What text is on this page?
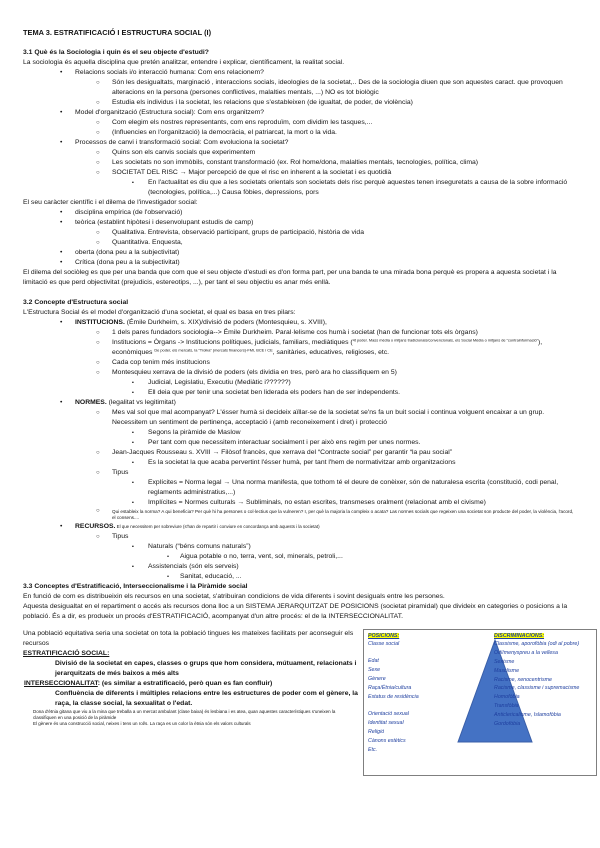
TEMA 3. ESTRATIFICACIÓ I ESTRUCTURA SOCIAL (I)
3.1 Què és la Sociologia i quin és el seu objecte d'estudi?
La sociologia és aquella disciplina que pretén analitzar, entendre i explicar, científicament, la realitat social.
• Relacions socials i/o interacció humana: Com ens relacionem?
○ Són les desigualtats, marginació , interaccions socials, ideologies de la societat,.. Des de la sociologia diuen que son aquestes caract. que provoquen alteracions en la persona (persones conflictives, malalties mentals, ...) NO es tot biològic
○ Estudia els individus i la societat, les relacions que s'estableixen (de igualtat, de poder, de violència)
• Model d'organització (Estructura social): Com ens organitzem?
○ Com elegim els nostres representants, com ens reproduïm, com dividim les tasques,...
○ (Influencies en l'organització) la democràcia, el patriarcat, la mort o la vida.
• Processos de canvi i transformació social: Com evoluciona la societat?
○ Quins son els canvis socials que experimentem
○ Les societats no son immòbils, constant transformació (ex. Rol home/dona, malalties mentals, tecnologies, política, clima)
○ SOCIETAT DEL RISC → Major percepció de que el risc en inherent a la societat i es quotidià
▪ En l'actualitat es diu que a les societats orientals son societats dels risc perquè aquestes tenen inseguretats a causa de la sobre informació (tecnologies, política,...) Causa fòbies, depressions, pors
El seu caràcter científic i el dilema de l'investigador social:
• disciplina empírica (de l'observació)
• teòrica (establint hipòtesi i desenvolupant estudis de camp)
○ Qualitativa. Entrevista, observació participant, grups de participació, història de vida
○ Quantitativa. Enquesta,
• oberta (dona peu a la subjectivitat)
• Crítica (dona peu a la subjectivitat)
El dilema del sociòleg es que per una banda que com que el seu objecte d'estudi es d'on forma part, per una banda te una mirada bona perquè es propera a aquesta societat i la limitació es que perd objectivitat (prejudicis, estereotips, ...), per tant el seu objectiu es anar més enllà.
3.2 Concepte d'Estructura social
L'Estructura Social és el model d'organització d'una societat, el qual es basa en tres pilars:
• INSTITUCIONS. (Émile Durkheim, s. XIX)/divisió de poders (Montesquieu, s. XVIII),
○ 1 dels pares fundadors sociologia--> Émile Durkheim. Paral·lelisme cos humà i societat (han de funcionar tots els òrgans)
○ Institucions = Òrgans -> Institucions polítiques, judicials, familiars, mediàtiques ($^{4t poder. Mass mèdia o mitjans tradicionals/convencionals, els Social Mèdia o mitjans de “contrainformació”}$), econòmiques $^{De poder, els mercats, la “Troika” (mercats financers)-FMI, BCE i CE}$, sanitàries, educatives, religioses, etc.
○ Cada cop tenim més institucions
○ Montesquieu xerrava de la divisió de poders (els dividia en tres, però ara ho classifiquem en 5)
▪ Judicial, Legislatiu, Executiu (Mediàtic i??????)
▪ Ell deia que per tenir una societat ben liderada els poders han de ser independents.
• NORMES. (legalitat vs legitimitat)
○ Mes val sol que mal acompanyat? L'ésser humà si decideix aïllar-se de la societat se'ns fa un buit social i continua volguent encaixar a un grup. Necessitem un sentiment de pertinença, acceptació i (amb reconeixement i dret) i protecció
▪ Segons la piràmide de Maslow
▪ Per tant com que necessitem interactuar socialment i per això ens regim per unes normes.
○ Jean-Jacques Rousseau s. XVIII → Filòsof francès, que xerrava del “Contracte social” per garantir “la pau social”
▪ Es la societat la que acaba pervertint l'ésser humà, per tant l'hem de normativitzar amb organitzacions
○ Tipus
▪ Explícites = Norma legal → Una norma manifesta, que tothom té el deure de conèixer, són de naturalesa escrita (constitució, codi penal, reglaments administratius,...)
▪ Implícites = Normes culturals → Subliminals, no estan escrites, transmeses oralment (relacionat amb el civisme)
○	Qui estableix la norma? A qui beneficia? Per què hi ha persones o col·lectius que la vulneren? I, per què la majoria la compleix o acata? Las normes socials que regeixen una societat son producte del poder, la violència, l'acord, el consens....
• RECURSOS. El que necessitem per sobreviure (s'han de repartir i conviure en concordança amb aquests i la societat)
○ Tipus
▪ Naturals (“béns comuns naturals”)
• Aigua potable o no, terra, vent, sol, minerals, petroli,...
▪ Assistencials (són els serveis)
• Sanitat, educació, ...
3.3 Conceptes d'Estratificació, Interseccionalisme i la Piràmide social
En funció de com es distribueixin els recursos en una societat, s'atribuiran condicions de vida diferents i sovint desiguals entre les persones.
Aquesta desigualtat en el repartiment o accés als recursos dona lloc a un SISTEMA JERARQUITZAT DE POSICIONS (societat piramidal) que divideix en categories o posicions a la població. És a dir, es produeix un procés d'ESTRATIFICACIÓ, acompanyat d'un altre procés: el de la INTERSECCIONALITAT.
Una població equitativa seria una societat on tota la població tingues les mateixes facilitats per aconseguir els recursos
ESTRATIFICACIÓ SOCIAL:
Divisió de la societat en capes, classes o grups que hom considera, mútuament, relacionats i jerarquitzats de més baixos a més alts
INTERSECCIONALITAT: (es similar a estratificació, però quan es fan confluir)
Confluència de diferents i múltiples relacions entre les estructures de poder com el gènere, la raça, la classe social, la sexualitat o l'edat.
Dona d'ètnia gitana que viu a la mina que treballa a un mercat ambulant (clase baixa) és lesbiana i es atea, quan aquestes característiques s'uneixen la classifiquen en una posició de la piràmide
El gènere és una construcció social, neixes i tens un rol/s. La raça es un color la ètnia són els valors culturals
POSICIONS:
Classe social
Edat
Sexe
Gènere
Raça/Ètnia/cultura
Estatus de residència
Orientació sexual
Identitat sexual
Religió
Cànons estètics
Etc.
DISCRIMINACIONS:
Classisme, aporofòbia (odi al pobre)
Odi/menyspreu a la vellesa
Sexisme
Masclisme
Racisme, xenocentrisme
Racisme, classisme i supremacisme
Homofòbia
Transfòbia
Anticlericalisme, Islamofòbia
Gordofòbia
